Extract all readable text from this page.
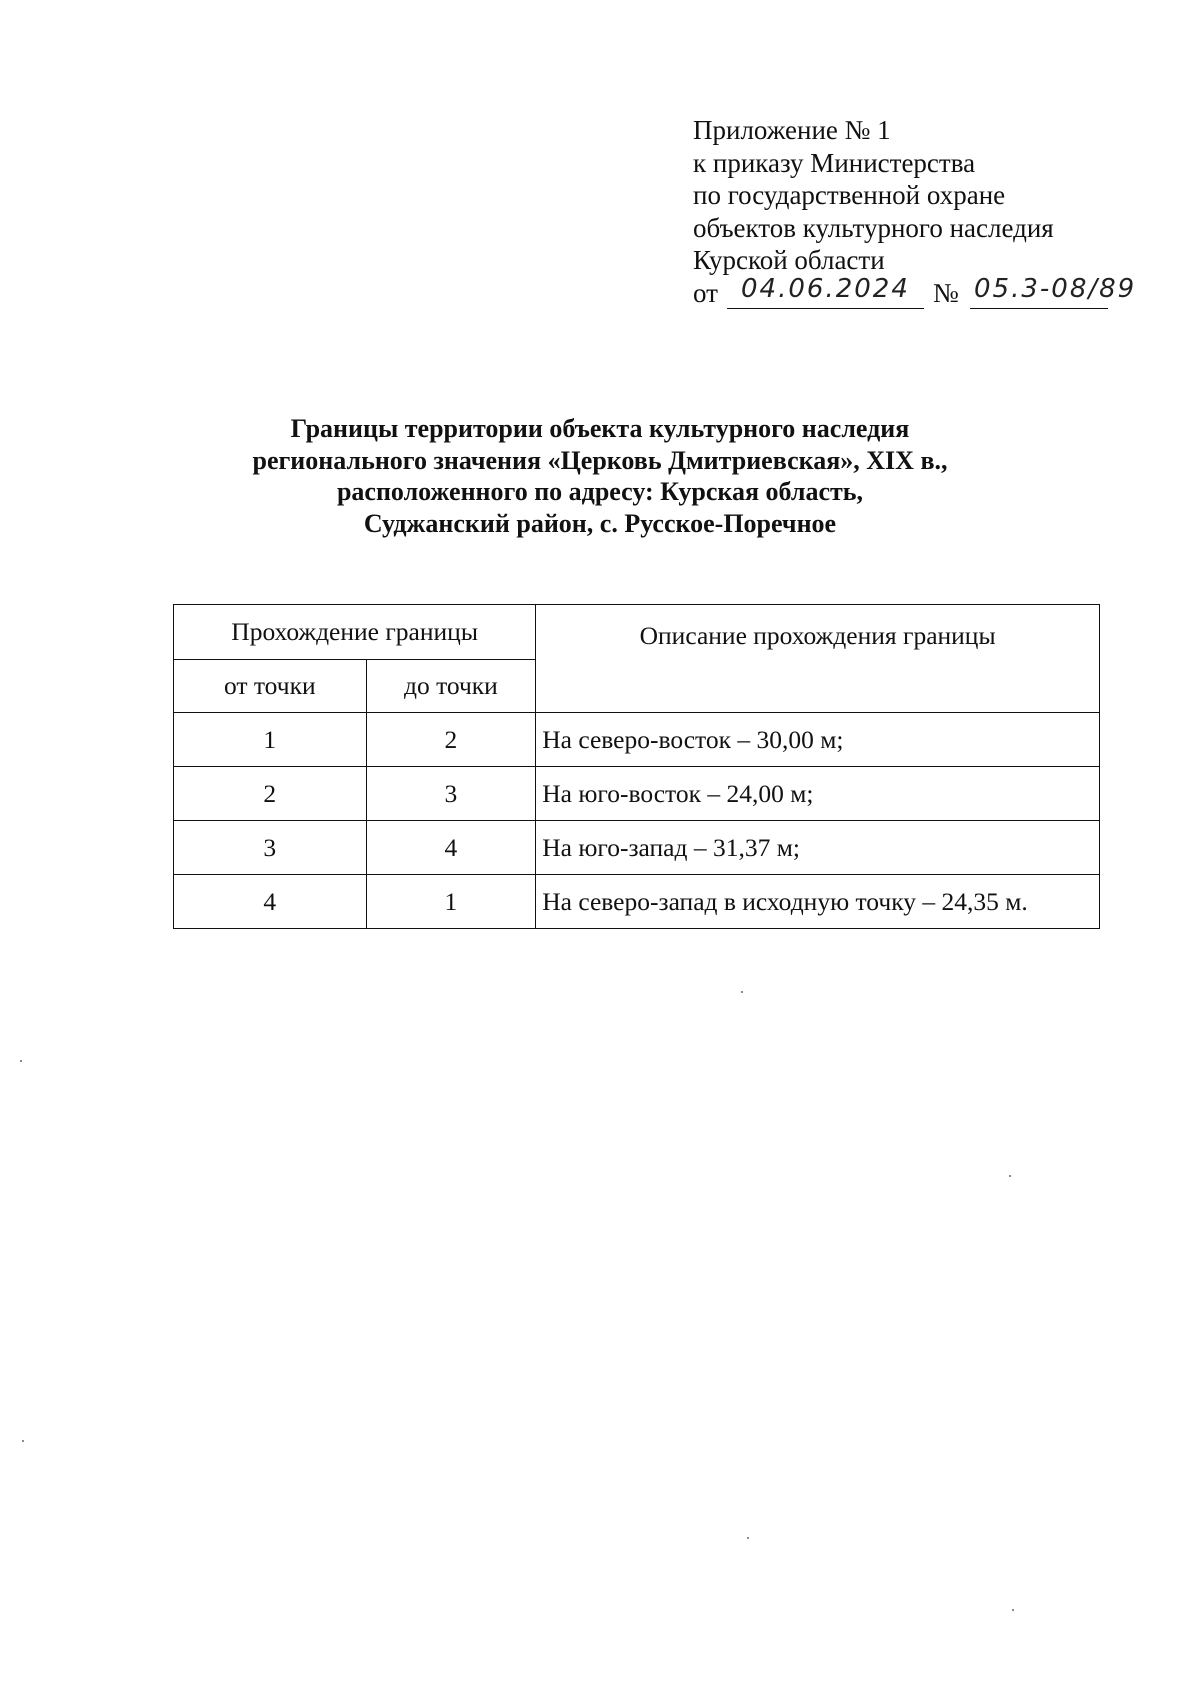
Приложение № 1
к приказу Министерства
по государственной охране
объектов культурного наследия
Курской области
от 04.06.2024 № 05.3-08/89
Границы территории объекта культурного наследия
регионального значения «Церковь Дмитриевская», XIX в.,
расположенного по адресу: Курская область,
Суджанский район, с. Русское-Поречное
Прохождение границы		Описание прохождения границы
от точки	до точки	
1	2	На северо-восток – 30,00 м;
2	3	На юго-восток – 24,00 м;
3	4	На юго-запад – 31,37 м;
4	1	На северо-запад в исходную точку – 24,35 м.
